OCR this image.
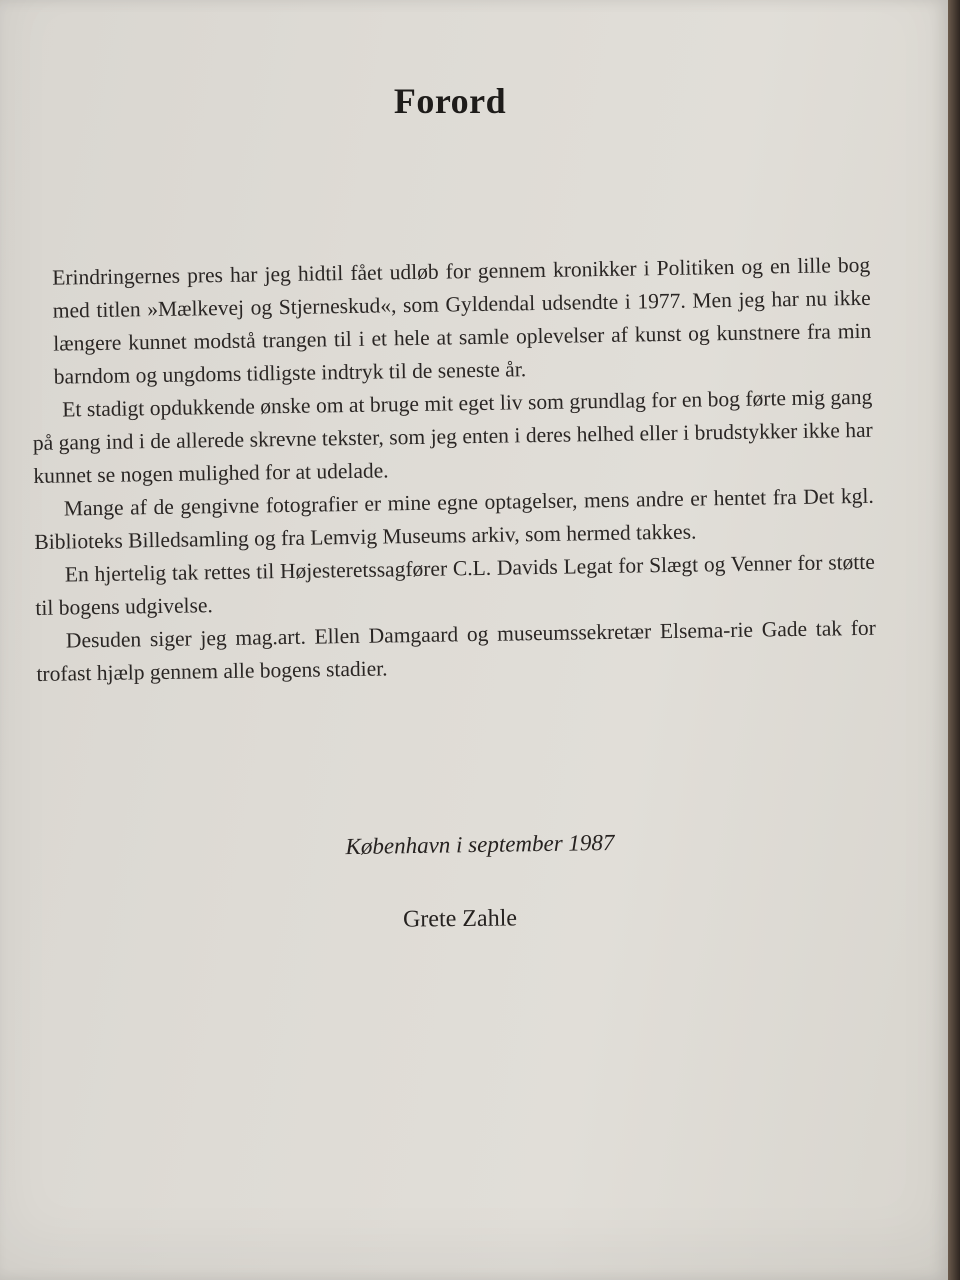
Forord

Erindringernes pres har jeg hidtil fået udløb for gennem kronikker i Politiken og en lille bog med titlen »Mælkevej og Stjerneskud«, som Gyldendal udsendte i 1977. Men jeg har nu ikke længere kunnet modstå trangen til i et hele at samle oplevelser af kunst og kunstnere fra min barndom og ungdoms tidligste indtryk til de seneste år.

Et stadigt opdukkende ønske om at bruge mit eget liv som grundlag for en bog førte mig gang på gang ind i de allerede skrevne tekster, som jeg enten i deres helhed eller i brudstykker ikke har kunnet se nogen mulighed for at udelade.

Mange af de gengivne fotografier er mine egne optagelser, mens andre er hentet fra Det kgl. Biblioteks Billedsamling og fra Lemvig Museums arkiv, som hermed takkes.

En hjertelig tak rettes til Højesteretssagfører C.L. Davids Legat for Slægt og Venner for støtte til bogens udgivelse.

Desuden siger jeg mag.art. Ellen Damgaard og museumssekretær Elsema-rie Gade tak for trofast hjælp gennem alle bogens stadier.

København i september 1987
Grete Zahle
